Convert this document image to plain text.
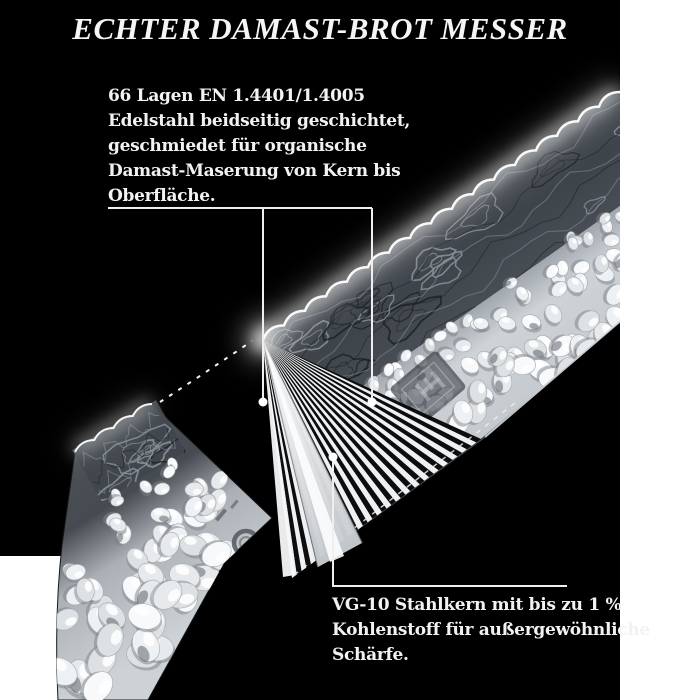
ECHTER DAMAST-BROT MESSER
66 Lagen EN 1.4401/1.4005
Edelstahl beidseitig geschichtet,
geschmiedet für organische
Damast-Maserung von Kern bis
Oberfläche.
VG-10 Stahlkern mit bis zu 1 %
Kohlenstoff für außergewöhnliche
Schärfe.
